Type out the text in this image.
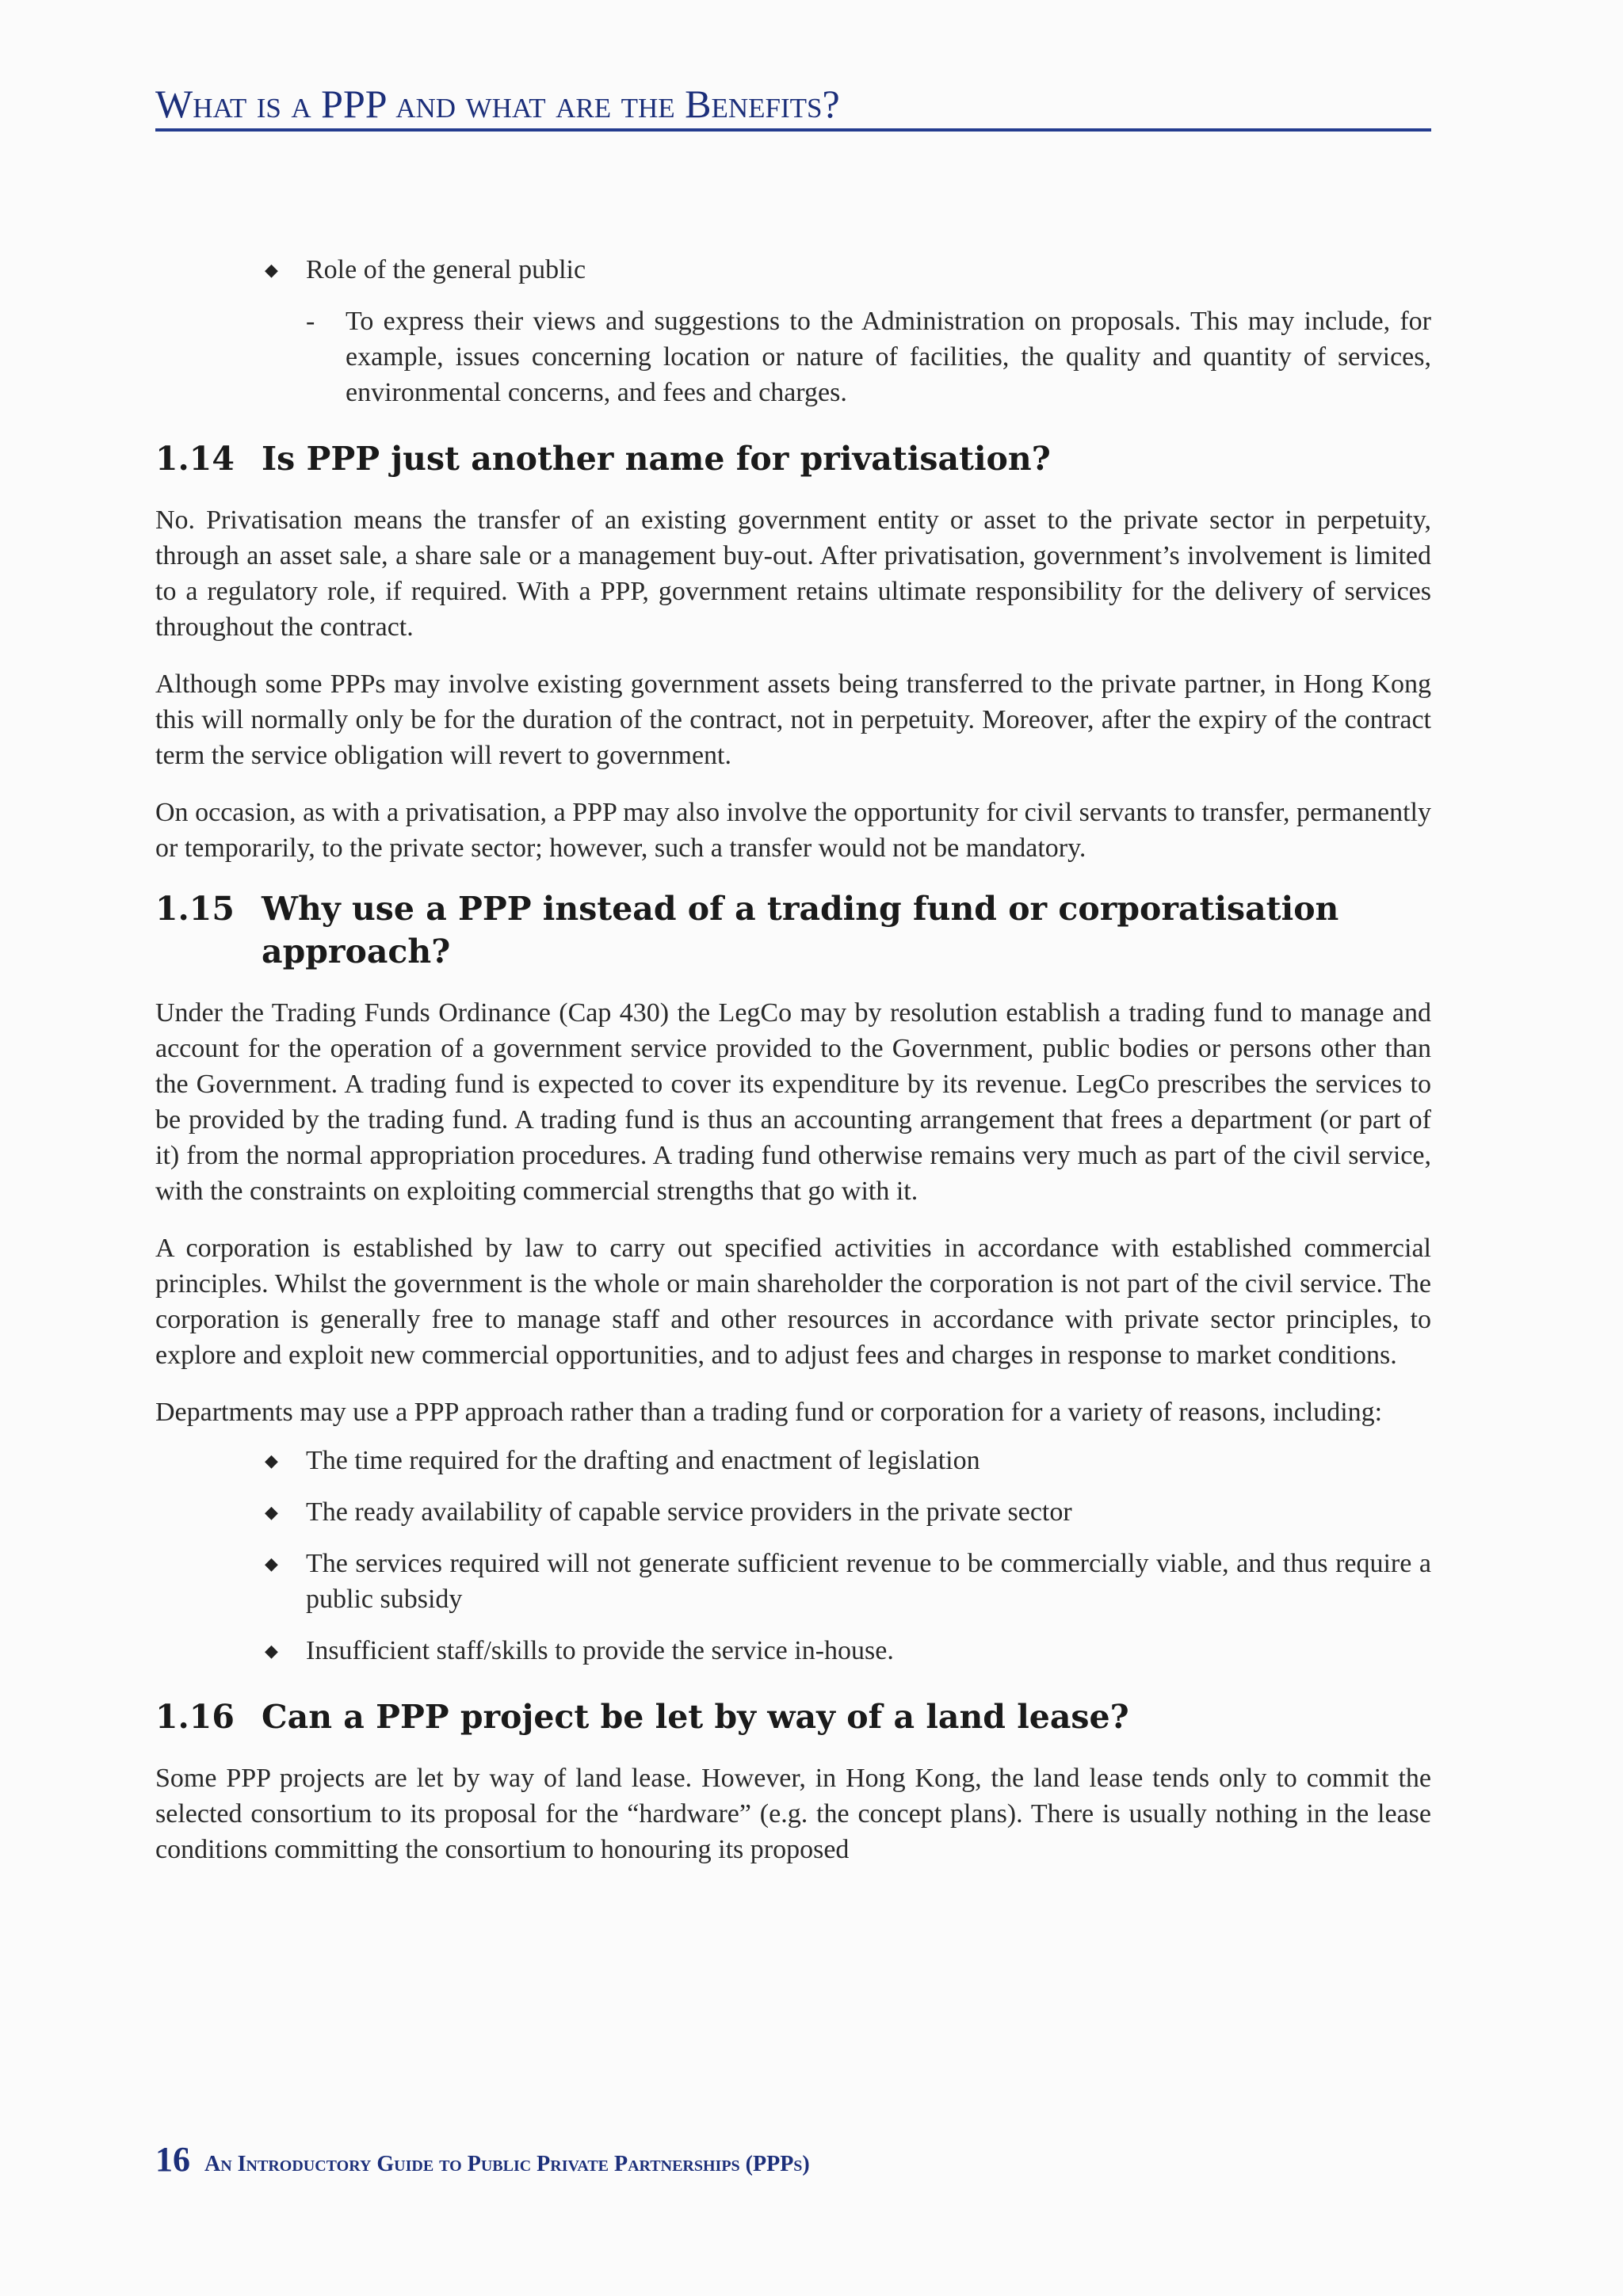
What is a PPP and what are the Benefits?
◆	Role of the general public
-	To express their views and suggestions to the Administration on proposals. This may include, for example, issues concerning location or nature of facilities, the quality and quantity of services, environmental concerns, and fees and charges.
1.14 Is PPP just another name for privatisation?

No. Privatisation means the transfer of an existing government entity or asset to the private sector in perpetuity, through an asset sale, a share sale or a management buy-out. After privatisation, government’s involvement is limited to a regulatory role, if required. With a PPP, government retains ultimate responsibility for the delivery of services throughout the contract.

Although some PPPs may involve existing government assets being transferred to the private partner, in Hong Kong this will normally only be for the duration of the contract, not in perpetuity. Moreover, after the expiry of the contract term the service obligation will revert to government.

On occasion, as with a privatisation, a PPP may also involve the opportunity for civil servants to transfer, permanently or temporarily, to the private sector; however, such a transfer would not be mandatory.

1.15 Why use a PPP instead of a trading fund or corporatisation approach?

Under the Trading Funds Ordinance (Cap 430) the LegCo may by resolution establish a trading fund to manage and account for the operation of a government service provided to the Government, public bodies or persons other than the Government. A trading fund is expected to cover its expenditure by its revenue. LegCo prescribes the services to be provided by the trading fund. A trading fund is thus an accounting arrangement that frees a department (or part of it) from the normal appropriation procedures. A trading fund otherwise remains very much as part of the civil service, with the constraints on exploiting commercial strengths that go with it.

A corporation is established by law to carry out specified activities in accordance with established commercial principles. Whilst the government is the whole or main shareholder the corporation is not part of the civil service. The corporation is generally free to manage staff and other resources in accordance with private sector principles, to explore and exploit new commercial opportunities, and to adjust fees and charges in response to market conditions.

Departments may use a PPP approach rather than a trading fund or corporation for a variety of reasons, including:

◆	The time required for the drafting and enactment of legislation
◆	The ready availability of capable service providers in the private sector
◆	The services required will not generate sufficient revenue to be commercially viable, and thus require a public subsidy
◆	Insufficient staff/skills to provide the service in-house.
1.16 Can a PPP project be let by way of a land lease?

Some PPP projects are let by way of land lease. However, in Hong Kong, the land lease tends only to commit the selected consortium to its proposal for the “hardware” (e.g. the concept plans). There is usually nothing in the lease conditions committing the consortium to honouring its proposed

16 An Introductory Guide to Public Private Partnerships (PPPs)
